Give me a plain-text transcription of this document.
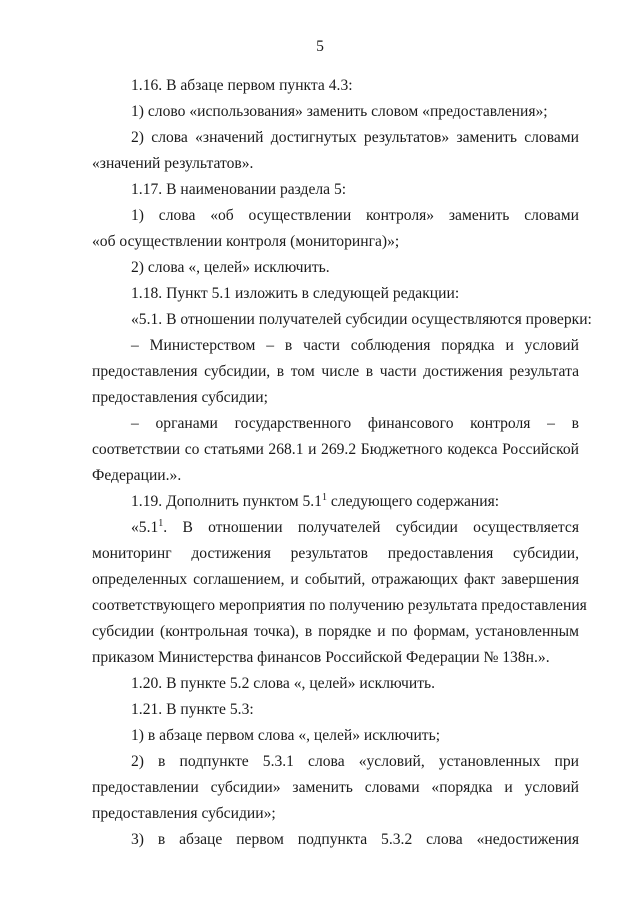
5
1.16. В абзаце первом пункта 4.3:
1) слово «использования» заменить словом «предоставления»;
2) слова «значений достигнутых результатов» заменить словами
«значений результатов».
1.17. В наименовании раздела 5:
1) слова «об осуществлении контроля» заменить словами
«об осуществлении контроля (мониторинга)»;
2) слова «, целей» исключить.
1.18. Пункт 5.1 изложить в следующей редакции:
«5.1. В отношении получателей субсидии осуществляются проверки:
– Министерством – в части соблюдения порядка и условий
предоставления субсидии, в том числе в части достижения результата
предоставления субсидии;
– органами государственного финансового контроля – в
соответствии со статьями 268.1 и 269.2 Бюджетного кодекса Российской
Федерации.».
1.19. Дополнить пунктом $5.1^1$ следующего содержания:
«$5.1^1$. В отношении получателей субсидии осуществляется
мониторинг достижения результатов предоставления субсидии,
определенных соглашением, и событий, отражающих факт завершения
соответствующего мероприятия по получению результата предоставления
субсидии (контрольная точка), в порядке и по формам, установленным
приказом Министерства финансов Российской Федерации № 138н.».
1.20. В пункте 5.2 слова «, целей» исключить.
1.21. В пункте 5.3:
1) в абзаце первом слова «, целей» исключить;
2) в подпункте 5.3.1 слова «условий, установленных при
предоставлении субсидии» заменить словами «порядка и условий
предоставления субсидии»;
3) в абзаце первом подпункта 5.3.2 слова «недостижения
